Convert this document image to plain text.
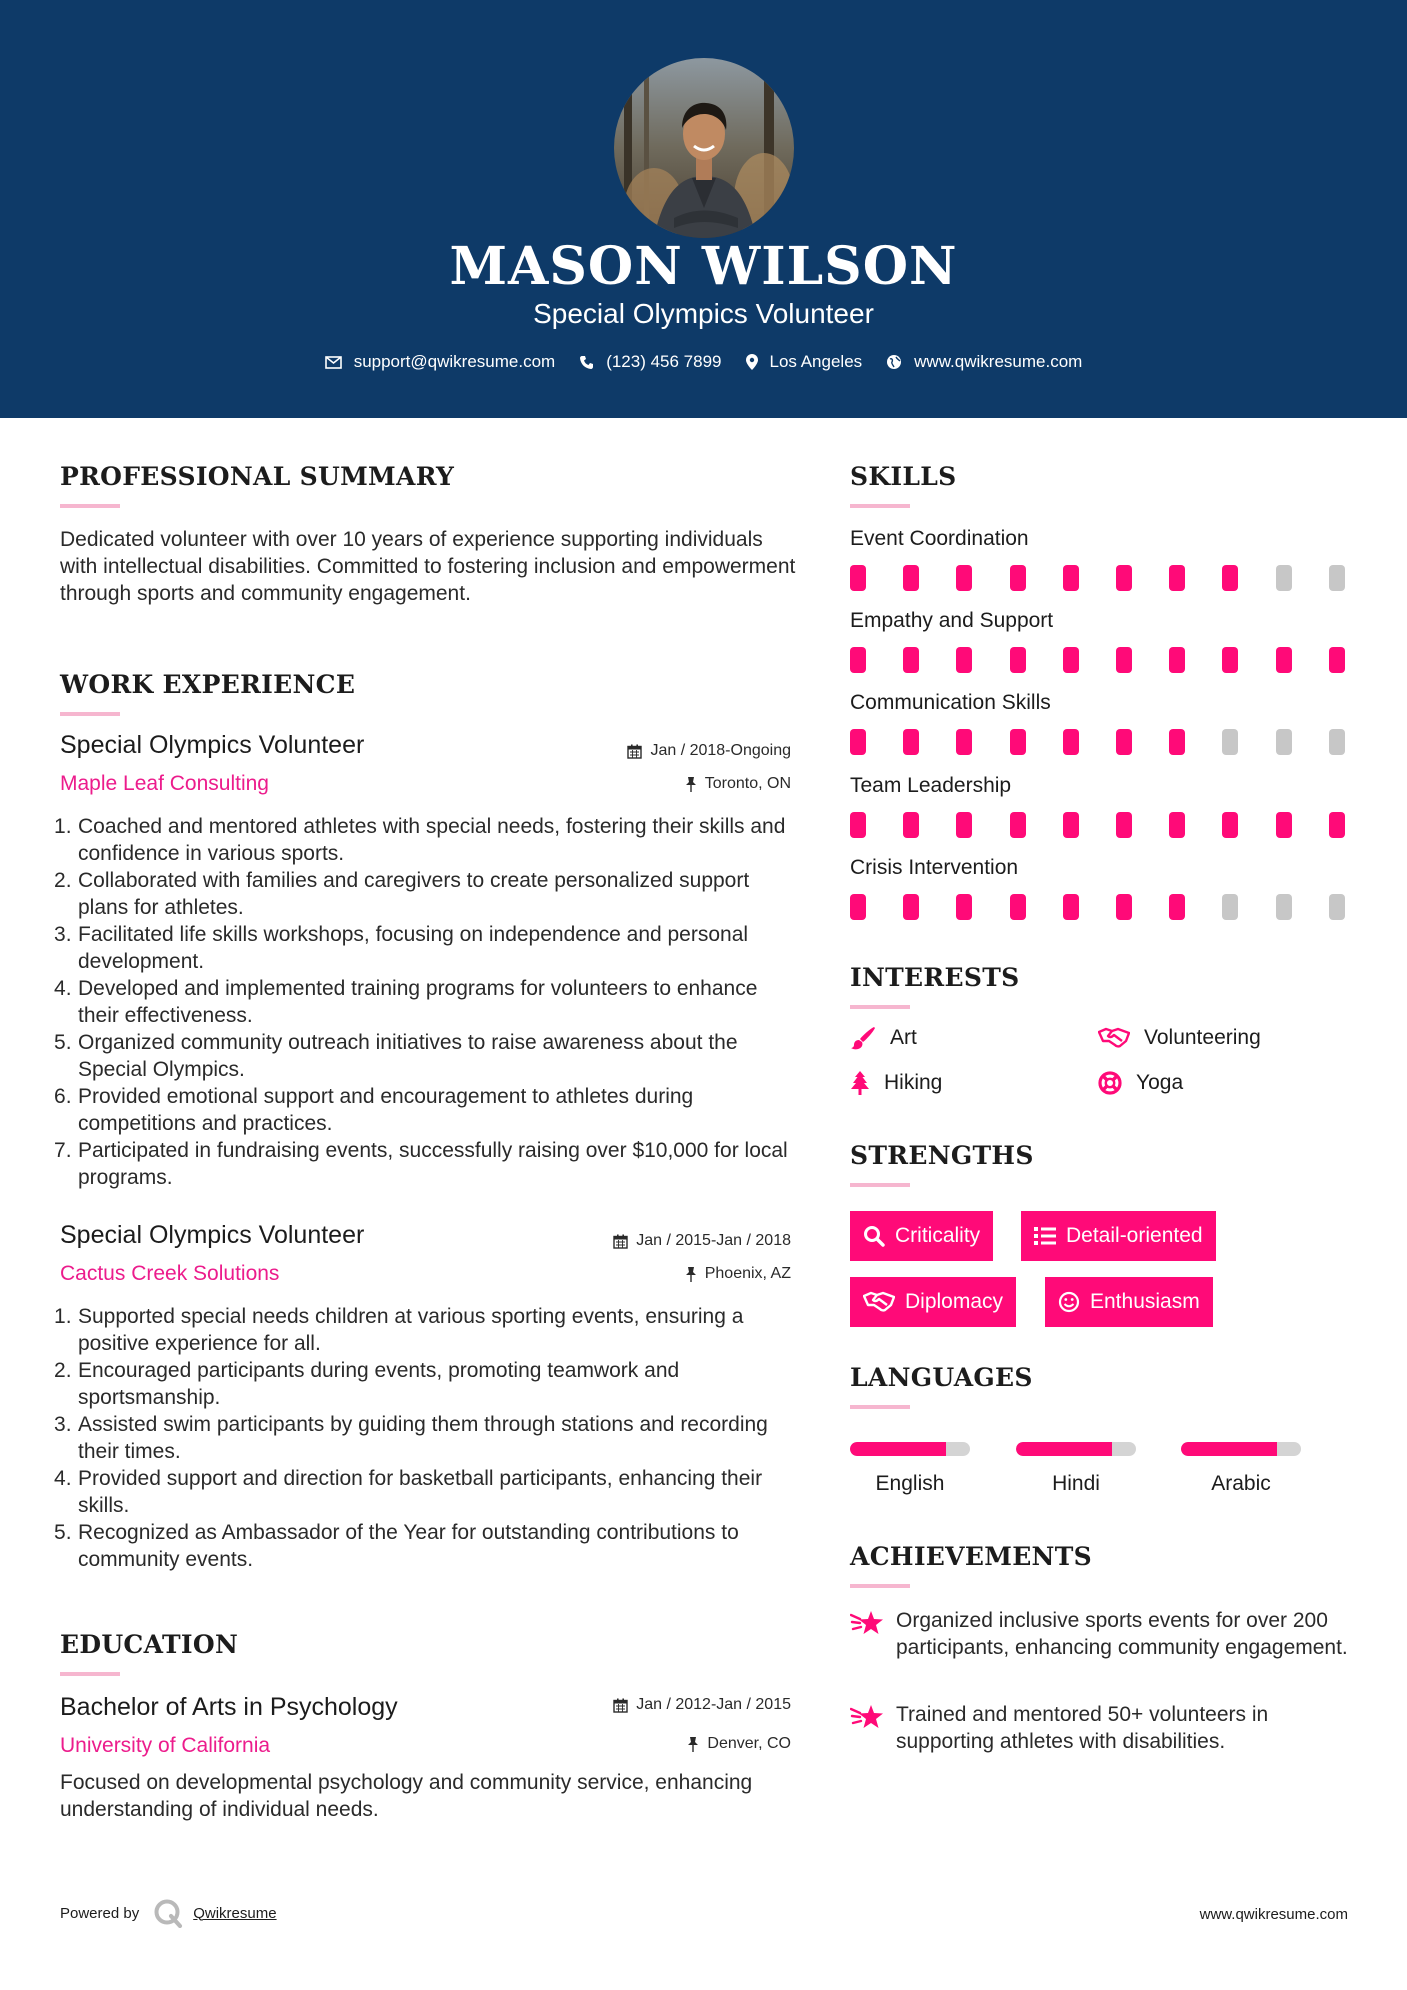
MASON WILSON
Special Olympics Volunteer
support@qwikresume.com	(123) 456 7899	Los Angeles	www.qwikresume.com
PROFESSIONAL SUMMARY
Dedicated volunteer with over 10 years of experience supporting individuals with intellectual disabilities. Committed to fostering inclusion and empowerment through sports and community engagement.
WORK EXPERIENCE
Special Olympics Volunteer
Maple Leaf Consulting
Jan / 2018-Ongoing
Toronto, ON
Coached and mentored athletes with special needs, fostering their skills and confidence in various sports.
Collaborated with families and caregivers to create personalized support plans for athletes.
Facilitated life skills workshops, focusing on independence and personal development.
Developed and implemented training programs for volunteers to enhance their effectiveness.
Organized community outreach initiatives to raise awareness about the Special Olympics.
Provided emotional support and encouragement to athletes during competitions and practices.
Participated in fundraising events, successfully raising over $10,000 for local programs.
Special Olympics Volunteer
Cactus Creek Solutions
Jan / 2015-Jan / 2018
Phoenix, AZ
Supported special needs children at various sporting events, ensuring a positive experience for all.
Encouraged participants during events, promoting teamwork and sportsmanship.
Assisted swim participants by guiding them through stations and recording their times.
Provided support and direction for basketball participants, enhancing their skills.
Recognized as Ambassador of the Year for outstanding contributions to community events.
EDUCATION
Bachelor of Arts in Psychology
University of California
Jan / 2012-Jan / 2015
Denver, CO
Focused on developmental psychology and community service, enhancing understanding of individual needs.
SKILLS
Event Coordination
Empathy and Support
Communication Skills
Team Leadership
Crisis Intervention
INTERESTS
Art	Volunteering
Hiking	Yoga
STRENGTHS
Criticality	Detail-oriented
Diplomacy	Enthusiasm
LANGUAGES
English	Hindi	Arabic
ACHIEVEMENTS
Organized inclusive sports events for over 200 participants, enhancing community engagement.
Trained and mentored 50+ volunteers in supporting athletes with disabilities.
Powered by	Qwikresume	www.qwikresume.com
